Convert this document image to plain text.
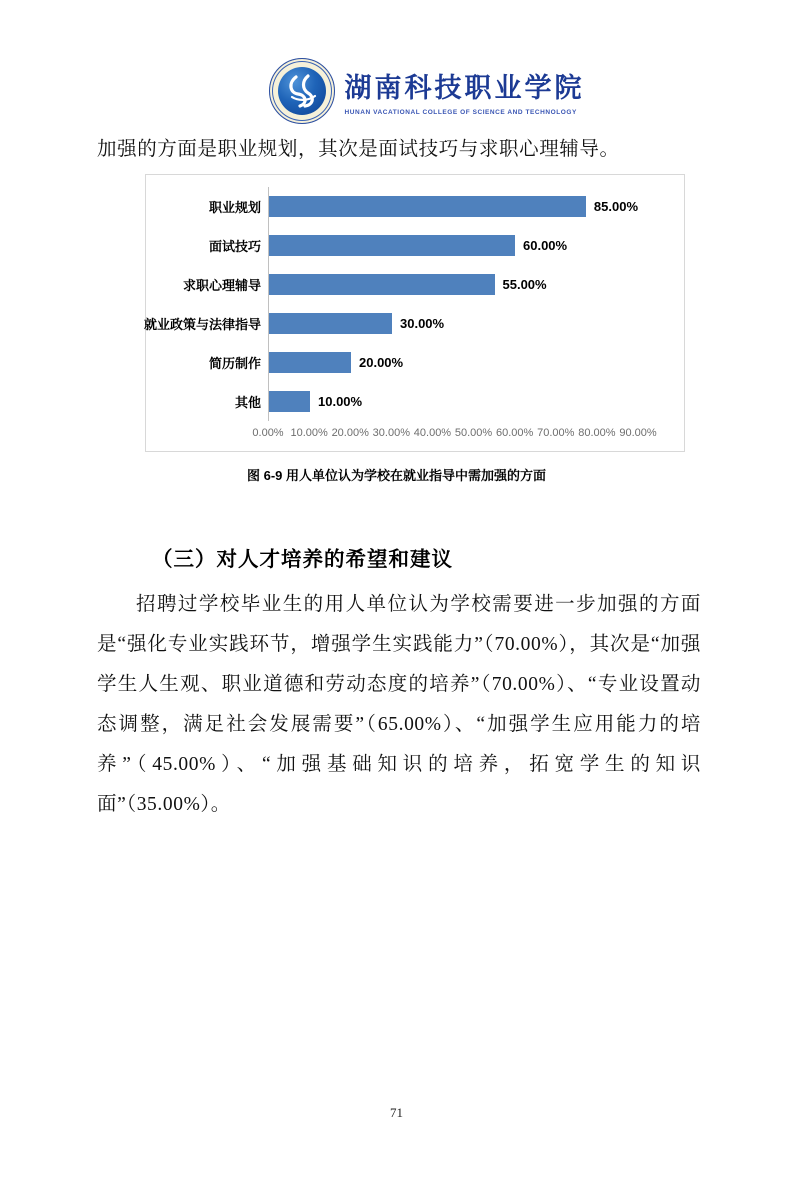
湖南科技职业学院
HUNAN VACATIONAL COLLEGE OF SCIENCE AND TECHNOLOGY

加强的方面是职业规划，其次是面试技巧与求职心理辅导。

职业规划
面试技巧
求职心理辅导
就业政策与法律指导
简历制作
其他
85.00%
60.00%
55.00%
30.00%
20.00%
10.00%
0.00% 10.00% 20.00% 30.00% 40.00% 50.00% 60.00% 70.00% 80.00% 90.00%
图 6-9 用人单位认为学校在就业指导中需加强的方面
（三）对人才培养的希望和建议

招聘过学校毕业生的用人单位认为学校需要进一步加强的方面是“强化专业实践环节，增强学生实践能力”（70.00%），其次是“加强学生人生观、职业道德和劳动态度的培养”（70.00%）、“专业设置动态调整，满足社会发展需要”（65.00%）、“加强学生应用能力的培养”（45.00%）、“加强基础知识的培养，拓宽学生的知识面”（35.00%）。

71
